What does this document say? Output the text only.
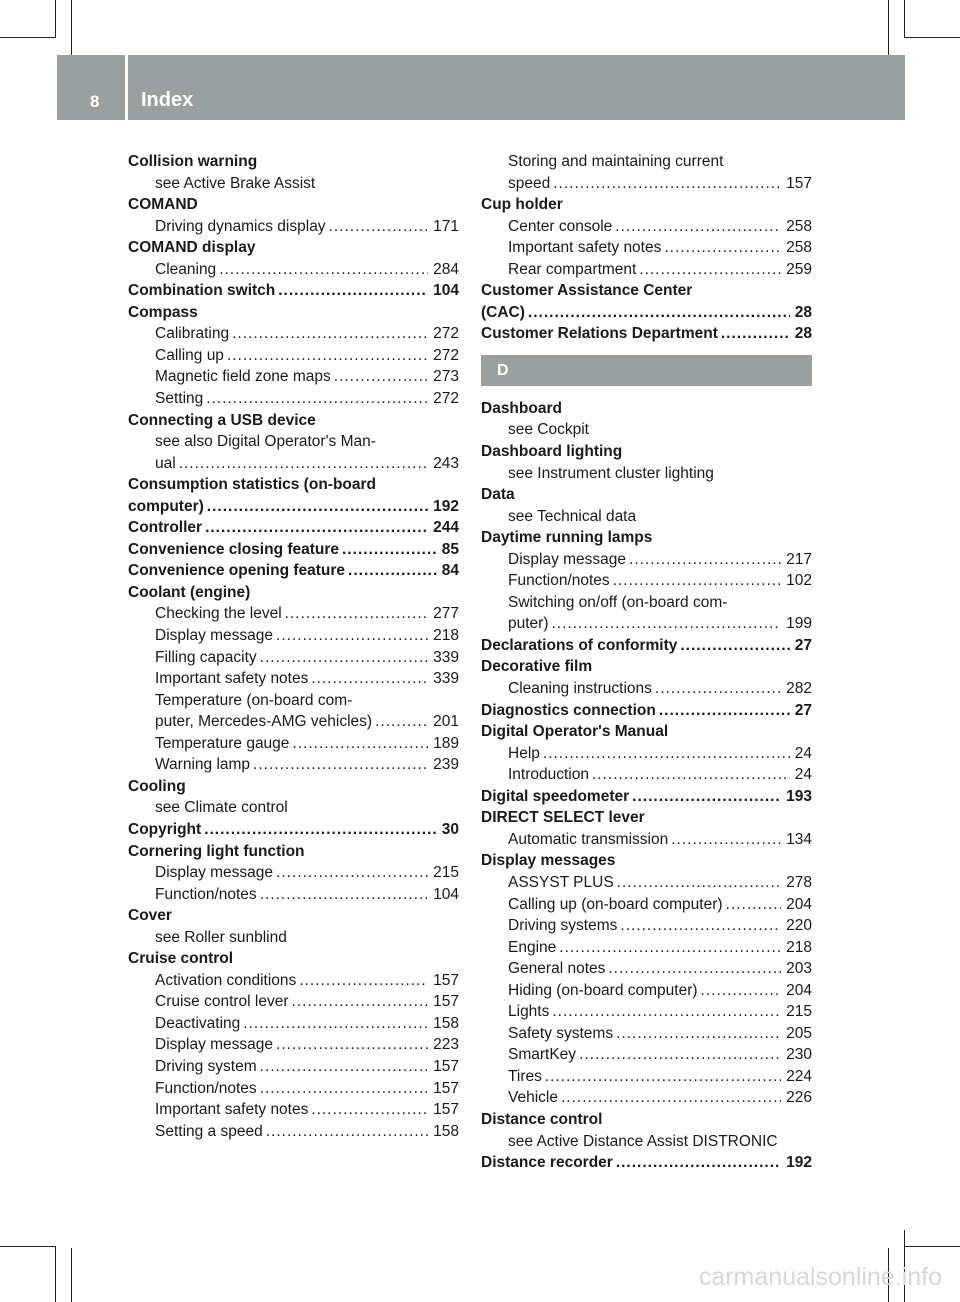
8 Index
Collision warning
see Active Brake Assist
COMAND
Driving dynamics display .....	171
COMAND display
Cleaning .....	284
Combination switch .....	104
Compass
Calibrating .....	272
Calling up .....	272
Magnetic field zone maps .....	273
Setting .....	272
Connecting a USB device
see also Digital Operator's Man-
ual .....	243
Consumption statistics (on-board
computer) .....	192
Controller .....	244
Convenience closing feature .....	85
Convenience opening feature .....	84
Coolant (engine)
Checking the level .....	277
Display message .....	218
Filling capacity .....	339
Important safety notes .....	339
Temperature (on-board com-
puter, Mercedes-AMG vehicles) .....	201
Temperature gauge .....	189
Warning lamp .....	239
Cooling
see Climate control
Copyright .....	30
Cornering light function
Display message .....	215
Function/notes .....	104
Cover
see Roller sunblind
Cruise control
Activation conditions .....	157
Cruise control lever .....	157
Deactivating .....	158
Display message .....	223
Driving system .....	157
Function/notes .....	157
Important safety notes .....	157
Setting a speed .....	158
Storing and maintaining current
speed .....	157
Cup holder
Center console .....	258
Important safety notes .....	258
Rear compartment .....	259
Customer Assistance Center
(CAC) .....	28
Customer Relations Department .....	28
D
Dashboard
see Cockpit
Dashboard lighting
see Instrument cluster lighting
Data
see Technical data
Daytime running lamps
Display message .....	217
Function/notes .....	102
Switching on/off (on-board com-
puter) .....	199
Declarations of conformity .....	27
Decorative film
Cleaning instructions .....	282
Diagnostics connection .....	27
Digital Operator's Manual
Help .....	24
Introduction .....	24
Digital speedometer .....	193
DIRECT SELECT lever
Automatic transmission .....	134
Display messages
ASSYST PLUS .....	278
Calling up (on-board computer) .....	204
Driving systems .....	220
Engine .....	218
General notes .....	203
Hiding (on-board computer) .....	204
Lights .....	215
Safety systems .....	205
SmartKey .....	230
Tires .....	224
Vehicle .....	226
Distance control
see Active Distance Assist DISTRONIC
Distance recorder .....	192
carmanualsonline.info
